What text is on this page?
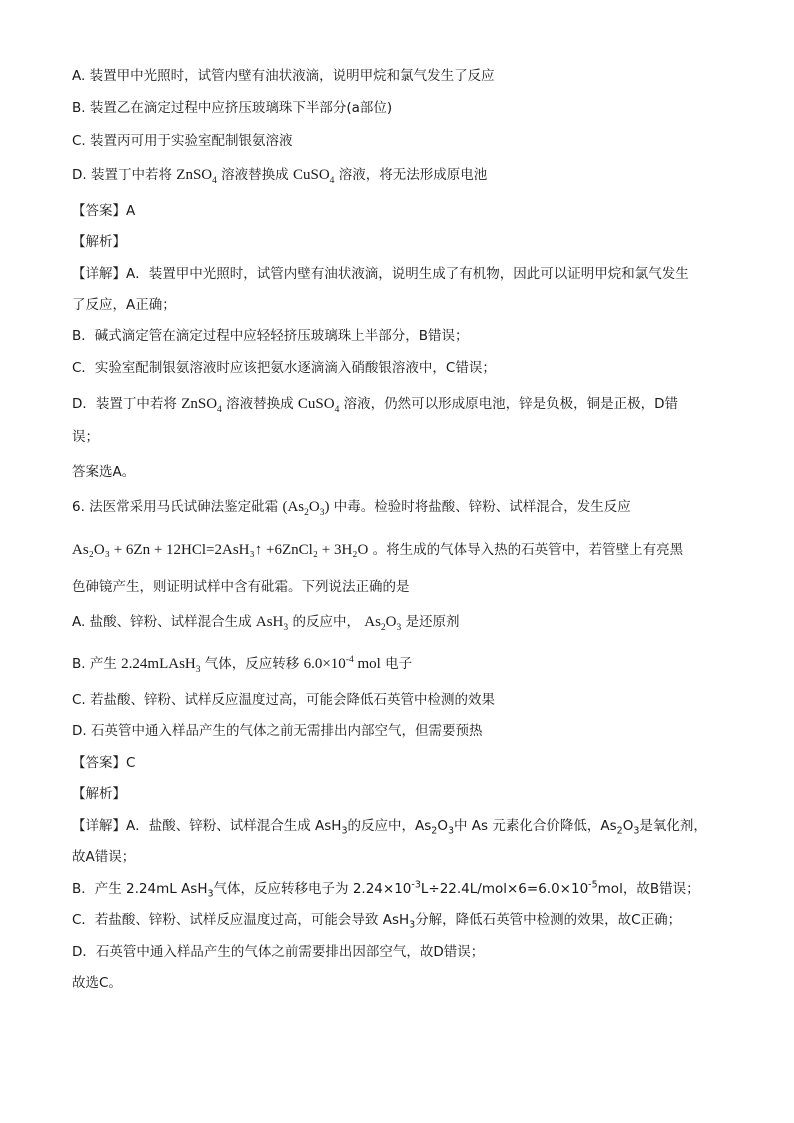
A. 装置甲中光照时，试管内壁有油状液滴，说明甲烷和氯气发生了反应
B. 装置乙在滴定过程中应挤压玻璃珠下半部分(a部位)
C. 装置丙可用于实验室配制银氨溶液
D. 装置丁中若将 ZnSO$_4$ 溶液替换成 CuSO$_4$ 溶液，将无法形成原电池
【答案】A
【解析】
【详解】A．装置甲中光照时，试管内壁有油状液滴，说明生成了有机物，因此可以证明甲烷和氯气发生
了反应，A正确；
B．碱式滴定管在滴定过程中应轻轻挤压玻璃珠上半部分，B错误；
C．实验室配制银氨溶液时应该把氨水逐滴滴入硝酸银溶液中，C错误；
D．装置丁中若将 ZnSO$_4$ 溶液替换成 CuSO$_4$ 溶液，仍然可以形成原电池，锌是负极，铜是正极，D错
误；
答案选A。
6. 法医常采用马氏试砷法鉴定砒霜 $(As_2O_3)$ 中毒。检验时将盐酸、锌粉、试样混合，发生反应
As₂O₃ + 6Zn + 12HCl=2AsH₃↑ +6ZnCl₂ + 3H₂O 。将生成的气体导入热的石英管中，若管壁上有亮黑
色砷镜产生，则证明试样中含有砒霜。下列说法正确的是
A. 盐酸、锌粉、试样混合生成 AsH$_3$ 的反应中， $As_2O_3$ 是还原剂
B. 产生 2.24mLAsH$_3$ 气体，反应转移 $6.0\times 10^{-4}$ mol 电子
C. 若盐酸、锌粉、试样反应温度过高，可能会降低石英管中检测的效果
D. 石英管中通入样品产生的气体之前无需排出内部空气，但需要预热
【答案】C
【解析】
【详解】A．盐酸、锌粉、试样混合生成 AsH$_3$的反应中，$As_2O_3$中 As 元素化合价降低，$As_2O_3$是氧化剂，
故A错误；
B．产生 2.24mL AsH$_3$气体，反应转移电子为 $2.24\times 10^{-3}L\div 22.4L/mol\times 6=6.0\times 10^{-5}mol$，故B错误；
C．若盐酸、锌粉、试样反应温度过高，可能会导致 AsH$_3$分解，降低石英管中检测的效果，故C正确；
D．石英管中通入样品产生的气体之前需要排出因部空气，故D错误；
故选C。
